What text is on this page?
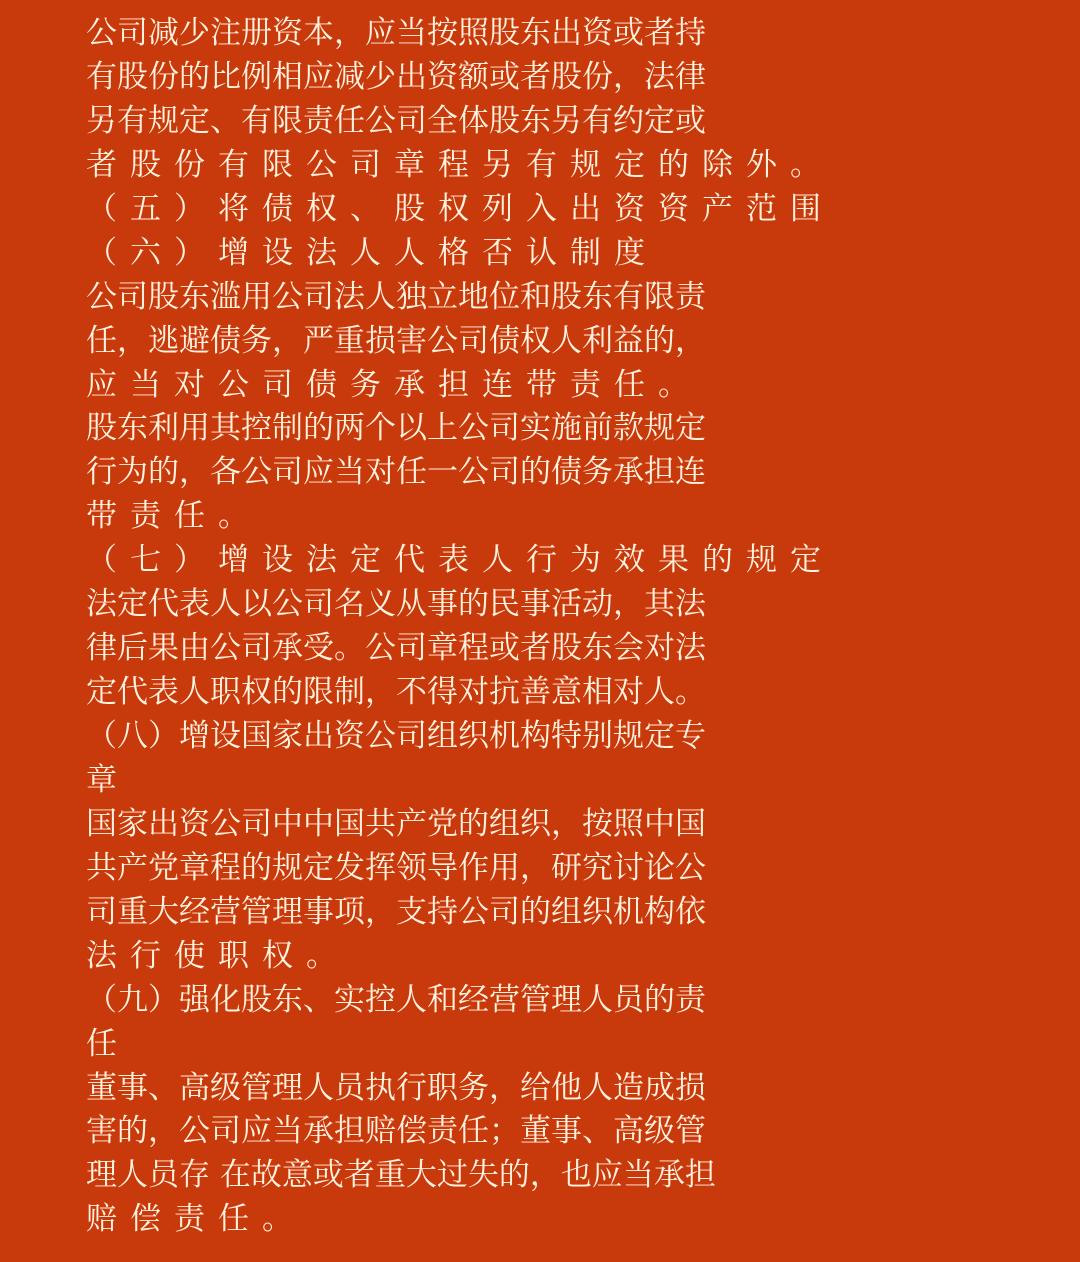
公司减少注册资本，应当按照股东出资或者持
有股份的比例相应减少出资额或者股份，法律
另有规定、有限责任公司全体股东另有约定或
者股份有限公司章程另有规定的除外。
（五）将债权、股权列入出资资产范围
（六）增设法人人格否认制度
公司股东滥用公司法人独立地位和股东有限责
任，逃避债务，严重损害公司债权人利益的，
应当对公司债务承担连带责任。
股东利用其控制的两个以上公司实施前款规定
行为的，各公司应当对任一公司的债务承担连
带责任。
（七）增设法定代表人行为效果的规定
法定代表人以公司名义从事的民事活动，其法
律后果由公司承受。公司章程或者股东会对法
定代表人职权的限制，不得对抗善意相对人。
（八）增设国家出资公司组织机构特别规定专
章
国家出资公司中中国共产党的组织，按照中国
共产党章程的规定发挥领导作用，研究讨论公
司重大经营管理事项，支持公司的组织机构依
法行使职权。
（九）强化股东、实控人和经营管理人员的责
任
董事、高级管理人员执行职务，给他人造成损
害的，公司应当承担赔偿责任；董事、高级管
理人员存 在故意或者重大过失的，也应当承担
赔偿责任。
